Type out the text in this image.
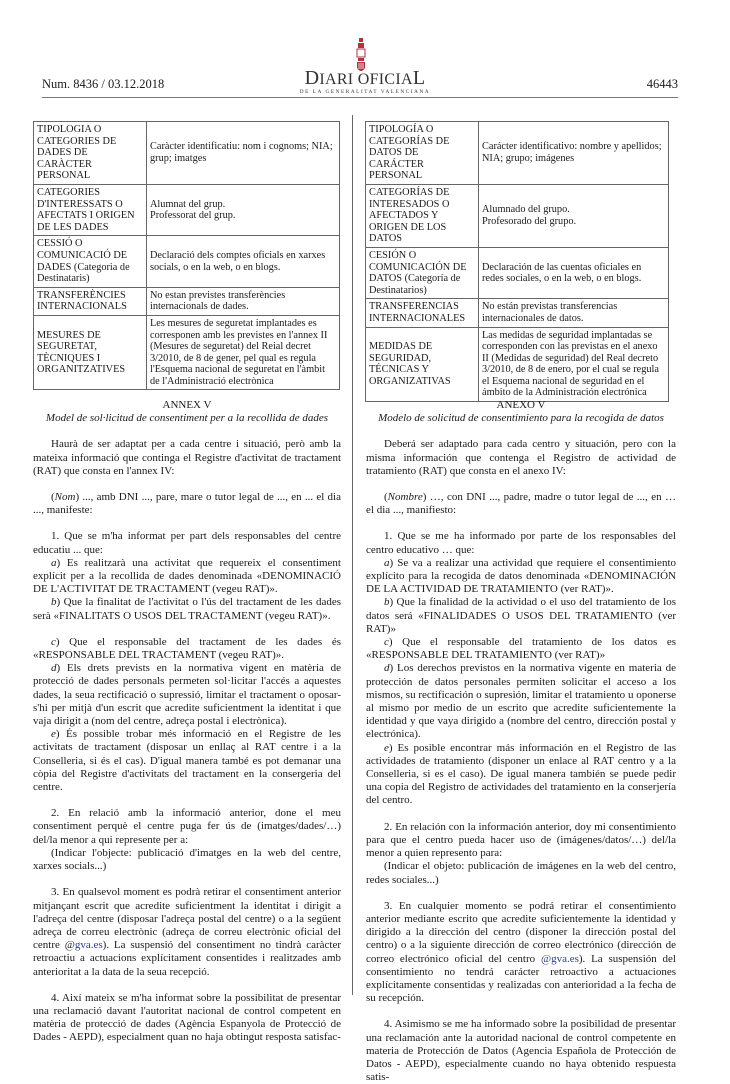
Num. 8436 / 03.12.2018	DIARI OFICIAL
DE LA GENERALITAT VALENCIANA
46443
TIPOLOGIA O CATEGORIES DE DADES DE CARÀCTER PERSONAL	Caràcter identificatiu: nom i cognoms; NIA; grup; imatges
CATEGORIES D'INTERESSATS O AFECTATS I ORIGEN DE LES DADES	Alumnat del grup.
Professorat del grup.
CESSIÓ O COMUNICACIÓ DE DADES (Categoria de Destinataris)	Declaració dels comptes oficials en xarxes socials, o en la web, o en blogs.
TRANSFERÈNCIES INTERNACIONALS	No estan previstes transferències internacionals de dades.
MESURES DE SEGURETAT, TÈCNIQUES I ORGANITZATIVES	Les mesures de seguretat implantades es corresponen amb les previstes en l'annex II (Mesures de seguretat) del Reial decret 3/2010, de 8 de gener, pel qual es regula l'Esquema nacional de seguretat en l'àmbit de l'Administració electrònica
TIPOLOGÍA O CATEGORÍAS DE DATOS DE CARÁCTER PERSONAL	Carácter identificativo: nombre y apellidos; NIA; grupo; imágenes
CATEGORÍAS DE INTERESADOS O AFECTADOS Y ORIGEN DE LOS DATOS	Alumnado del grupo.
Profesorado del grupo.
CESIÓN O COMUNICACIÓN DE DATOS (Categoría de Destinatarios)	Declaración de las cuentas oficiales en redes sociales, o en la web, o en blogs.
TRANSFERENCIAS INTERNACIONALES	No están previstas transferencias internacionales de datos.
MEDIDAS DE SEGURIDAD, TÉCNICAS Y ORGANIZATIVAS	Las medidas de seguridad implantadas se corresponden con las previstas en el anexo II (Medidas de seguridad) del Real decreto 3/2010, de 8 de enero, por el cual se regula el Esquema nacional de seguridad en el ámbito de la Administración electrónica

ANNEX V

Model de sol·licitud de consentiment per a la recollida de dades

Haurà de ser adaptat per a cada centre i situació, però amb la mateixa informació que continga el Registre d'activitat de tractament (RAT) que consta en l'annex IV:

(Nom) ..., amb DNI ..., pare, mare o tutor legal de ..., en ... el dia ..., manifeste:

1. Que se m'ha informat per part dels responsables del centre educatiu ... que:

a) Es realitzarà una activitat que requereix el consentiment explícit per a la recollida de dades denominada «DENOMINACIÓ DE L'ACTIVITAT DE TRACTAMENT (vegeu RAT)».

b) Que la finalitat de l'activitat o l'ús del tractament de les dades serà «FINALITATS O USOS DEL TRACTAMENT (vegeu RAT)».

c) Que el responsable del tractament de les dades és «RESPONSABLE DEL TRACTAMENT (vegeu RAT)».

d) Els drets prevists en la normativa vigent en matèria de protecció de dades personals permeten sol·licitar l'accés a aquestes dades, la seua rectificació o supressió, limitar el tractament o oposar-s'hi per mitjà d'un escrit que acredite suficientment la identitat i que vaja dirigit a (nom del centre, adreça postal i electrònica).

e) És possible trobar més informació en el Registre de les activitats de tractament (disposar un enllaç al RAT centre i a la Conselleria, si és el cas). D'igual manera també es pot demanar una còpia del Registre d'activitats del tractament en la consergeria del centre.

2. En relació amb la informació anterior, done el meu consentiment perquè el centre puga fer ús de (imatges/dades/…) del/la menor a qui represente per a:

(Indicar l'objecte: publicació d'imatges en la web del centre, xarxes socials...)

3. En qualsevol moment es podrà retirar el consentiment anterior mitjançant escrit que acredite suficientment la identitat i dirigit a l'adreça del centre (disposar l'adreça postal del centre) o a la següent adreça de correu electrònic (adreça de correu electrònic oficial del centre @gva.es). La suspensió del consentiment no tindrà caràcter retroactiu a actuacions explícitament consentides i realitzades amb anterioritat a la data de la seua recepció.

4. Així mateix se m'ha informat sobre la possibilitat de presentar una reclamació davant l'autoritat nacional de control competent en matèria de protecció de dades (Agència Espanyola de Protecció de Dades - AEPD), especialment quan no haja obtingut resposta satisfac-

ANEXO V

Modelo de solicitud de consentimiento para la recogida de datos

Deberá ser adaptado para cada centro y situación, pero con la misma información que contenga el Registro de actividad de tratamiento (RAT) que consta en el anexo IV:

(Nombre) …, con DNI ..., padre, madre o tutor legal de ..., en … el dia ..., manifiesto:

1. Que se me ha informado por parte de los responsables del centro educativo … que:

a) Se va a realizar una actividad que requiere el consentimiento explícito para la recogida de datos denominada «DENOMINACIÓN DE LA ACTIVIDAD DE TRATAMIENTO (ver RAT)».

b) Que la finalidad de la actividad o el uso del tratamiento de los datos será «FINALIDADES O USOS DEL TRATAMIENTO (ver RAT)»

c) Que el responsable del tratamiento de los datos es «RESPONSABLE DEL TRATAMIENTO (ver RAT)»

d) Los derechos previstos en la normativa vigente en materia de protección de datos personales permiten solicitar el acceso a los mismos, su rectificación o supresión, limitar el tratamiento u oponerse al mismo por medio de un escrito que acredite suficientemente la identidad y que vaya dirigido a (nombre del centro, dirección postal y electrónica).

e) Es posible encontrar más información en el Registro de las actividades de tratamiento (disponer un enlace al RAT centro y a la Conselleria, si es el caso). De igual manera también se puede pedir una copia del Registro de actividades del tratamiento en la conserjería del centro.

2. En relación con la información anterior, doy mi consentimiento para que el centro pueda hacer uso de (imágenes/datos/…) del/la menor a quien represento para:

(Indicar el objeto: publicación de imágenes en la web del centro, redes sociales...)

3. En cualquier momento se podrá retirar el consentimiento anterior mediante escrito que acredite suficientemente la identidad y dirigido a la dirección del centro (disponer la dirección postal del centro) o a la siguiente dirección de correo electrónico (dirección de correo electrónico oficial del centro @gva.es). La suspensión del consentimiento no tendrá carácter retroactivo a actuaciones explícitamente consentidas y realizadas con anterioridad a la fecha de su recepción.

4. Asimismo se me ha informado sobre la posibilidad de presentar una reclamación ante la autoridad nacional de control competente en materia de Protección de Datos (Agencia Española de Protección de Datos - AEPD), especialmente cuando no haya obtenido respuesta satis-
